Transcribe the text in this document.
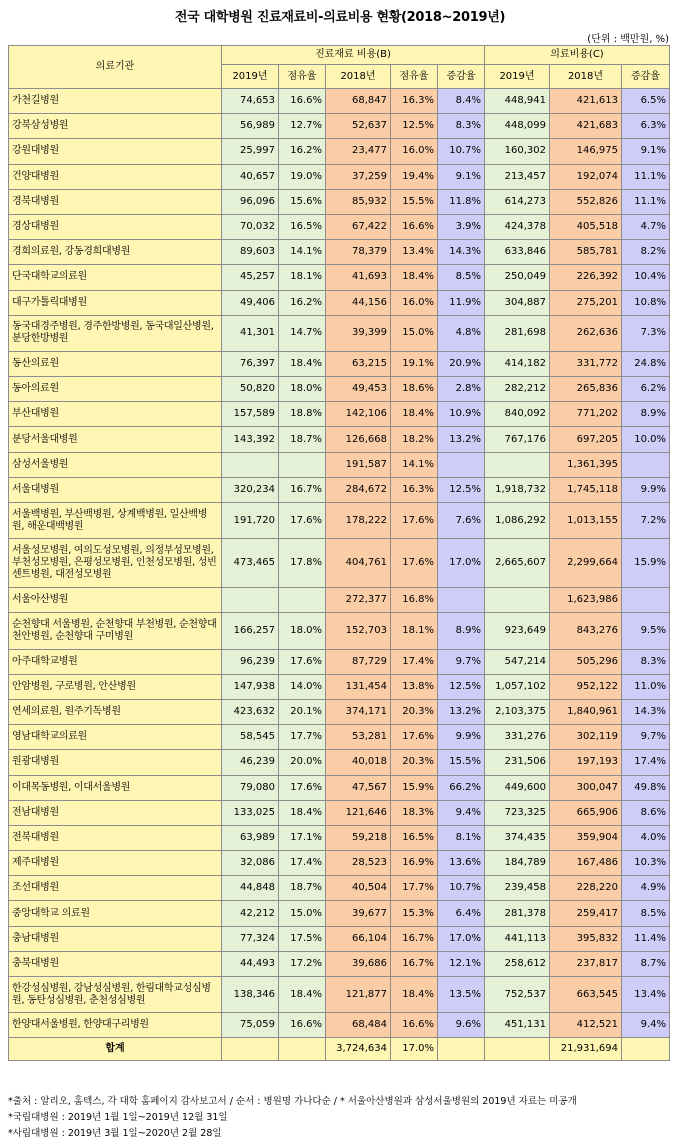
전국 대학병원 진료재료비-의료비용 현황(2018~2019년)
(단위 : 백만원, %)
의료기관	진료재료 비용(B)					의료비용(C)		
	2019년	점유율	2018년	점유율	증감율	2019년	2018년	증감율
가천길병원	74,653	16.6%	68,847	16.3%	8.4%	448,941	421,613	6.5%
강북삼성병원	56,989	12.7%	52,637	12.5%	8.3%	448,099	421,683	6.3%
강원대병원	25,997	16.2%	23,477	16.0%	10.7%	160,302	146,975	9.1%
건양대병원	40,657	19.0%	37,259	19.4%	9.1%	213,457	192,074	11.1%
경북대병원	96,096	15.6%	85,932	15.5%	11.8%	614,273	552,826	11.1%
경상대병원	70,032	16.5%	67,422	16.6%	3.9%	424,378	405,518	4.7%
경희의료원, 강동경희대병원	89,603	14.1%	78,379	13.4%	14.3%	633,846	585,781	8.2%
단국대학교의료원	45,257	18.1%	41,693	18.4%	8.5%	250,049	226,392	10.4%
대구가톨릭대병원	49,406	16.2%	44,156	16.0%	11.9%	304,887	275,201	10.8%
동국대경주병원, 경주한방병원, 동국대일산병원, 분당한방병원	41,301	14.7%	39,399	15.0%	4.8%	281,698	262,636	7.3%
동산의료원	76,397	18.4%	63,215	19.1%	20.9%	414,182	331,772	24.8%
동아의료원	50,820	18.0%	49,453	18.6%	2.8%	282,212	265,836	6.2%
부산대병원	157,589	18.8%	142,106	18.4%	10.9%	840,092	771,202	8.9%
분당서울대병원	143,392	18.7%	126,668	18.2%	13.2%	767,176	697,205	10.0%
삼성서울병원			191,587	14.1%			1,361,395	
서울대병원	320,234	16.7%	284,672	16.3%	12.5%	1,918,732	1,745,118	9.9%
서울백병원, 부산백병원, 상계백병원, 일산백병원, 해운대백병원	191,720	17.6%	178,222	17.6%	7.6%	1,086,292	1,013,155	7.2%
서울성모병원, 여의도성모병원, 의정부성모병원, 부천성모병원, 은평성모병원, 인천성모병원, 성빈센트병원, 대전성모병원	473,465	17.8%	404,761	17.6%	17.0%	2,665,607	2,299,664	15.9%
서울아산병원			272,377	16.8%			1,623,986	
순천향대 서울병원, 순천향대 부천병원, 순천향대 천안병원, 순천향대 구미병원	166,257	18.0%	152,703	18.1%	8.9%	923,649	843,276	9.5%
아주대학교병원	96,239	17.6%	87,729	17.4%	9.7%	547,214	505,296	8.3%
안암병원, 구로병원, 안산병원	147,938	14.0%	131,454	13.8%	12.5%	1,057,102	952,122	11.0%
연세의료원, 원주기독병원	423,632	20.1%	374,171	20.3%	13.2%	2,103,375	1,840,961	14.3%
영남대학교의료원	58,545	17.7%	53,281	17.6%	9.9%	331,276	302,119	9.7%
원광대병원	46,239	20.0%	40,018	20.3%	15.5%	231,506	197,193	17.4%
이대목동병원, 이대서울병원	79,080	17.6%	47,567	15.9%	66.2%	449,600	300,047	49.8%
전남대병원	133,025	18.4%	121,646	18.3%	9.4%	723,325	665,906	8.6%
전북대병원	63,989	17.1%	59,218	16.5%	8.1%	374,435	359,904	4.0%
제주대병원	32,086	17.4%	28,523	16.9%	13.6%	184,789	167,486	10.3%
조선대병원	44,848	18.7%	40,504	17.7%	10.7%	239,458	228,220	4.9%
중앙대학교 의료원	42,212	15.0%	39,677	15.3%	6.4%	281,378	259,417	8.5%
충남대병원	77,324	17.5%	66,104	16.7%	17.0%	441,113	395,832	11.4%
충북대병원	44,493	17.2%	39,686	16.7%	12.1%	258,612	237,817	8.7%
한강성심병원, 강남성심병원, 한림대학교성심병원, 동탄성심병원, 춘천성심병원	138,346	18.4%	121,877	18.4%	13.5%	752,537	663,545	13.4%
한양대서울병원, 한양대구리병원	75,059	16.6%	68,484	16.6%	9.6%	451,131	412,521	9.4%
합계			3,724,634	17.0%			21,931,694	
*출처 : 알리오, 홈텍스, 각 대학 홈페이지 감사보고서 / 순서 : 병원명 가나다순 / * 서울아산병원과 삼성서울병원의 2019년 자료는 미공개
*국립대병원 : 2019년 1월 1일~2019년 12월 31일
*사립대병원 : 2019년 3월 1일~2020년 2월 28일
